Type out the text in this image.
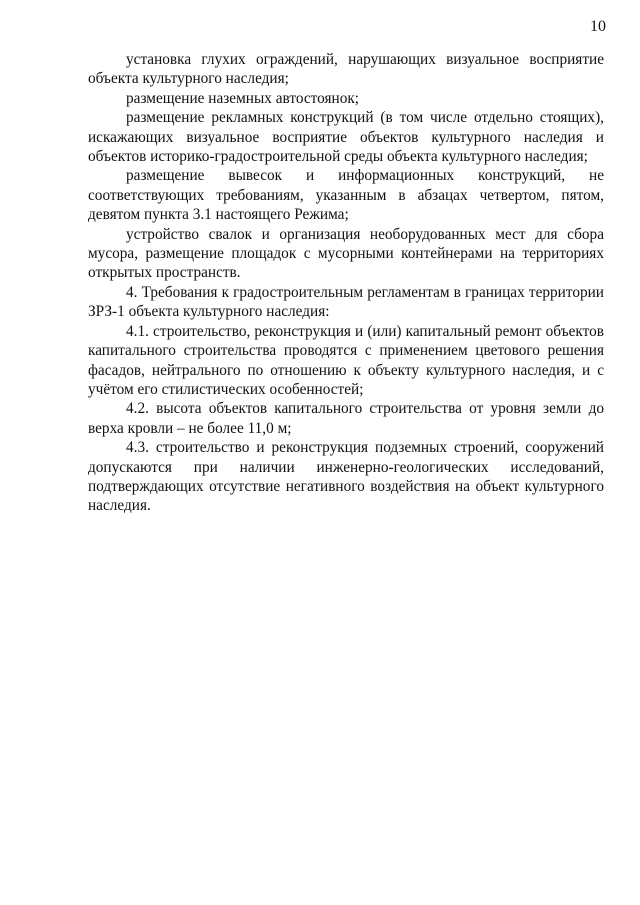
10

установка глухих ограждений, нарушающих визуальное восприятие объекта культурного наследия;

размещение наземных автостоянок;

размещение рекламных конструкций (в том числе отдельно стоящих), искажающих визуальное восприятие объектов культурного наследия и объектов историко-градостроительной среды объекта культурного наследия;

размещение вывесок и информационных конструкций, не соответствующих требованиям, указанным в абзацах четвертом, пятом, девятом пункта 3.1 настоящего Режима;

устройство свалок и организация необорудованных мест для сбора мусора, размещение площадок с мусорными контейнерами на территориях открытых пространств.

4. Требования к градостроительным регламентам в границах территории ЗРЗ-1 объекта культурного наследия:

4.1. строительство, реконструкция и (или) капитальный ремонт объектов капитального строительства проводятся с применением цветового решения фасадов, нейтрального по отношению к объекту культурного наследия, и с учётом его стилистических особенностей;

4.2. высота объектов капитального строительства от уровня земли до верха кровли – не более 11,0 м;

4.3. строительство и реконструкция подземных строений, сооружений допускаются при наличии инженерно-геологических исследований, подтверждающих отсутствие негативного воздействия на объект культурного наследия.
